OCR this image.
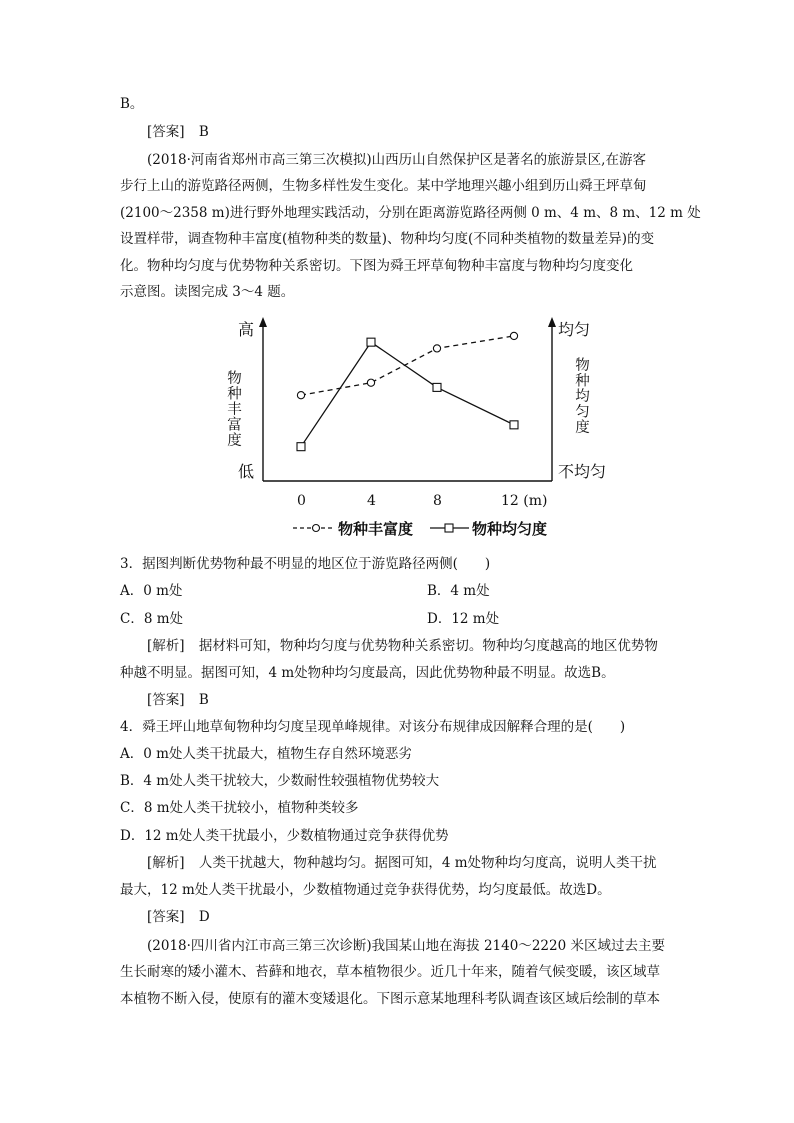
B。
[答案] B
(2018·河南省郑州市高三第三次模拟)山西历山自然保护区是著名的旅游景区,在游客
步行上山的游览路径两侧，生物多样性发生变化。某中学地理兴趣小组到历山舜王坪草甸
(2100～2358 m)进行野外地理实践活动，分别在距离游览路径两侧 0 m、4 m、8 m、12 m 处
设置样带，调查物种丰富度(植物种类的数量)、物种均匀度(不同种类植物的数量差异)的变
化。物种均匀度与优势物种关系密切。下图为舜王坪草甸物种丰富度与物种均匀度变化
示意图。读图完成 3～4 题。
高
低
均匀
不均匀
物种丰富度	物种均匀度
0	4	8	12 (m)
物种丰富度	物种均匀度
3．据图判断优势物种最不明显的地区位于游览路径两侧(　　)
A．0 m处	B．4 m处
C．8 m处	D．12 m处
[解析] 据材料可知，物种均匀度与优势物种关系密切。物种均匀度越高的地区优势物
种越不明显。据图可知，4 m处物种均匀度最高，因此优势物种最不明显。故选B。
[答案] B
4．舜王坪山地草甸物种均匀度呈现单峰规律。对该分布规律成因解释合理的是(　　)
A．0 m处人类干扰最大，植物生存自然环境恶劣
B．4 m处人类干扰较大，少数耐性较强植物优势较大
C．8 m处人类干扰较小，植物种类较多
D．12 m处人类干扰最小，少数植物通过竞争获得优势
[解析] 人类干扰越大，物种越均匀。据图可知，4 m处物种均匀度高，说明人类干扰
最大，12 m处人类干扰最小，少数植物通过竞争获得优势，均匀度最低。故选D。
[答案] D
(2018·四川省内江市高三第三次诊断)我国某山地在海拔 2140～2220 米区域过去主要
生长耐寒的矮小灌木、苔藓和地衣，草本植物很少。近几十年来，随着气候变暖，该区域草
本植物不断入侵，使原有的灌木变矮退化。下图示意某地理科考队调查该区域后绘制的草本
